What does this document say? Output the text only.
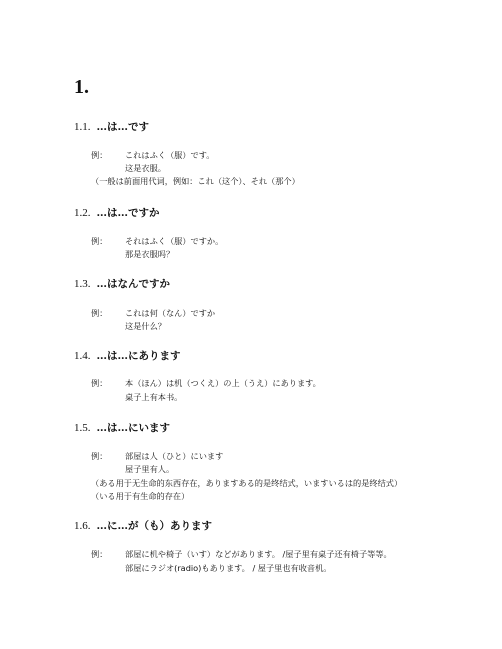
1.
1.1. …は…です
例： これはふく（服）です。
这是衣服。
（一般は前面用代词，例如：これ（这个）、それ（那个）
1.2. …は…ですか
例： それはふく（服）ですか。
那是衣服吗？
1.3. …はなんですか
例： これは何（なん）ですか
这是什么？
1.4. …は…にあります
例： 本（ほん）は机（つくえ）の上（うえ）にあります。
桌子上有本书。
1.5. …は…にいます
例： 部屋は人（ひと）にいます
屋子里有人。
（ある用于无生命的东西存在，ありますある的是终结式，いますいるは的是终结式）
（いる用于有生命的存在）
1.6. …に…が（も）あります
例： 部屋に机や椅子（いす）などがあります。 /屋子里有桌子还有椅子等等。
部屋にラジオ(radio)もあります。 / 屋子里也有收音机。
